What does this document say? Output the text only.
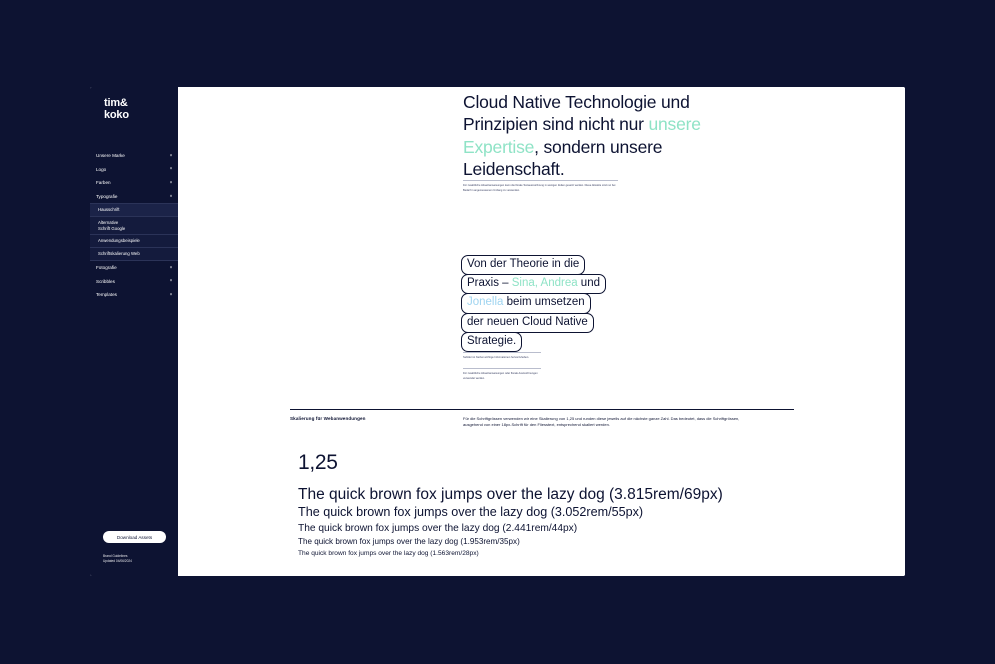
tim&
koko
Unsere Marke	▾
Logo	▾
Farben	▾
Typografie	▴
Hausschrift
Alternative
Schrift Google
Anwendungsbeispiele
Schriftskalierung Web
Fotografie	▾
Scribbles	▾
Templates	▾
Download Assets
Brand Guidelines
Updated 04/06/2024
Cloud Native Technologie und
Prinzipien sind nicht nur unsere
Expertise, sondern unsere
Leidenschaft.
Für zusätzliche Absatzanweisungen kann die florale Textauszeichnung in wenigen Zeilen gesetzt werden. Diese Absätze sind nur bei Bedarf in angemessenem Umfang zu verwenden.
Von der Theorie in die
Praxis – Sina, Andrea und
Jonella beim umsetzen
der neuen Cloud Native
Strategie.
Subtiler ist hierbei wichtige Informationen hervorzuheben.
Für zusätzliche Absatzanweisungen oder florale Auszeichnungen verwendet werden.
Skalierung für Webanwendungen	Für die Schriftgrössen verwenden wir eine Skalierung von 1,25 und runden diese jeweils auf die nächste ganze Zahl. Das bedeutet, dass die Schriftgrössen, ausgehend von einer 18px-Schrift für den Fliesstext, entsprechend skaliert werden.
1,25
The quick brown fox jumps over the lazy dog (3.815rem/69px)
The quick brown fox jumps over the lazy dog (3.052rem/55px)
The quick brown fox jumps over the lazy dog (2.441rem/44px)
The quick brown fox jumps over the lazy dog (1.953rem/35px)
The quick brown fox jumps over the lazy dog (1.563rem/28px)
